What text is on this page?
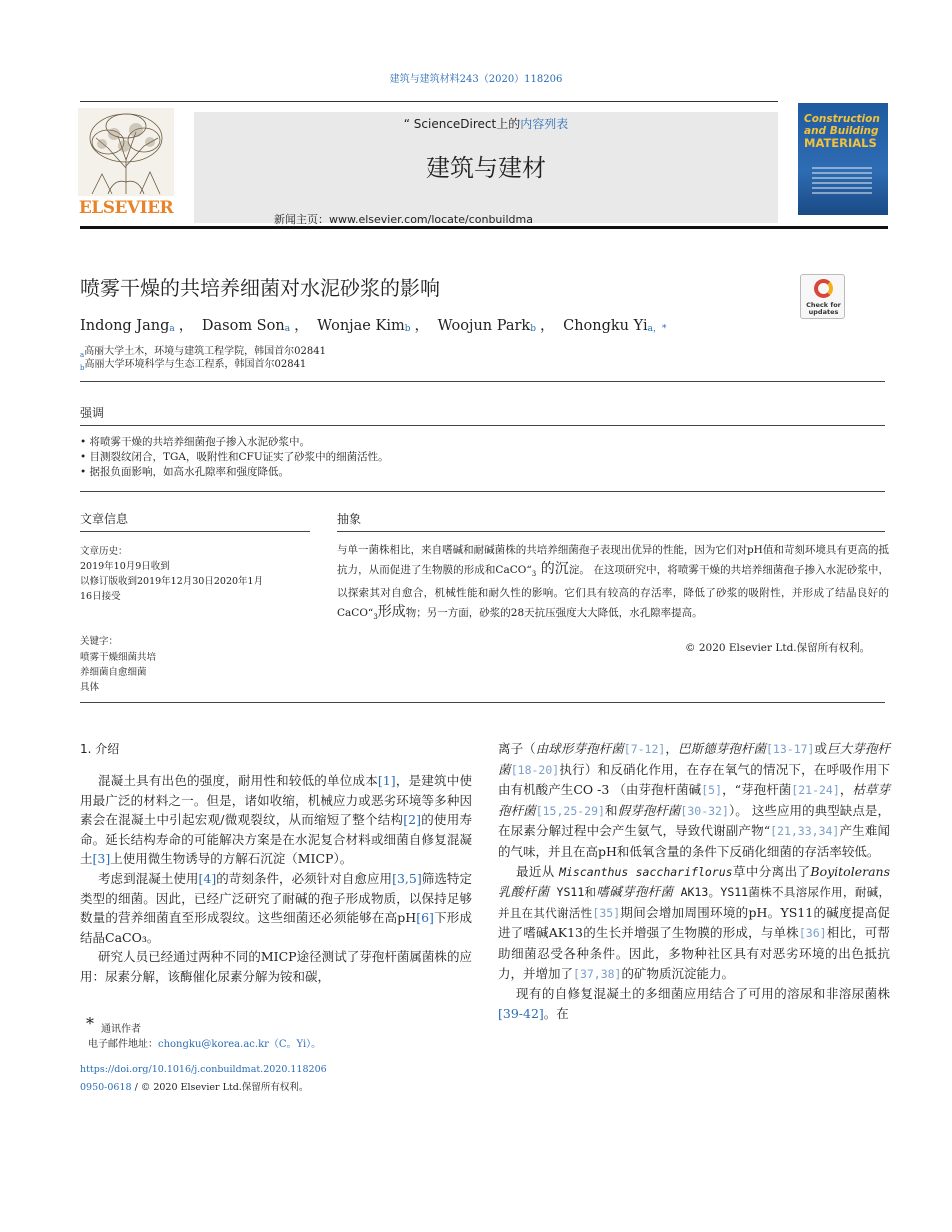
建筑与建筑材料243（2020）118206
ELSEVIER
“ ScienceDirect上的内容列表
建筑与建材
新闻主页：www.elsevier.com/locate/conbuildma
Construction
and Building
MATERIALS
喷雾干燥的共培养细菌对水泥砂浆的影响
Check for
updates
Indong Jang$_a$ ， Dasom Son$_a$ ， Wonjae Kim$_b$ ， Woojun Park$_b$ ， Chongku $Yi_{a,*}$
$_a$高丽大学土木，环境与建筑工程学院，韩国首尔02841
$_b$高丽大学环境科学与生态工程系，韩国首尔02841
强调
• 将喷雾干燥的共培养细菌孢子掺入水泥砂浆中。
• 目测裂纹闭合，TGA，吸附性和CFU证实了砂浆中的细菌活性。
• 据报负面影响，如高水孔隙率和强度降低。
文章信息	抽象
文章历史：
2019年10月9日收到
以修订版收到2019年12月30日2020年1月
16日接受
关键字：
喷雾干燥细菌共培
养细菌自愈细菌
具体
与单一菌株相比，来自嗜碱和耐碱菌株的共培养细菌孢子表现出优异的性能，因为它们对pH值和苛刻环境具有更高的抵抗力，从而促进了生物膜的形成和$CaCO“_3$ 的沉淀。 在这项研究中，将喷雾干燥的共培养细菌孢子掺入水泥砂浆中，以探索其对自愈合，机械性能和耐久性的影响。它们具有较高的存活率，降低了砂浆的吸附性，并形成了结晶良好的$CaCO“_3$形成物；另一方面，砂浆的28天抗压强度大大降低，水孔隙率提高。
© 2020 Elsevier Ltd.保留所有权利。
1. 介绍

混凝土具有出色的强度，耐用性和较低的单位成本[1]，是建筑中使用最广泛的材料之一。但是，诸如收缩，机械应力或恶劣环境等多种因素会在混凝土中引起宏观/微观裂纹，从而缩短了整个结构[2]的使用寿命。延长结构寿命的可能解决方案是在水泥复合材料或细菌自修复混凝土[3]上使用微生物诱导的方解石沉淀（MICP）。

考虑到混凝土使用[4]的苛刻条件，必须针对自愈应用[3,5]筛选特定类型的细菌。因此，已经广泛研究了耐碱的孢子形成物质，以保持足够数量的营养细菌直至形成裂纹。这些细菌还必须能够在高pH[6]下形成结晶CaCO₃。

研究人员已经通过两种不同的MICP途径测试了芽孢杆菌属菌株的应用：尿素分解，该酶催化尿素分解为铵和碳，

离子（由球形芽孢杆菌[7-12]，巴斯德芽孢杆菌[13-17]或巨大芽孢杆菌[18-20]执行）和反硝化作用，在存在氧气的情况下，在呼吸作用下由有机酸产生CO -3 （由芽孢杆菌碱[5]，“芽孢杆菌[21-24]，枯草芽孢杆菌[15,25-29]和假芽孢杆菌[30-32]）。 这些应用的典型缺点是，在尿素分解过程中会产生氨气，导致代谢副产物“[21,33,34]产生难闻的气味，并且在高pH和低氧含量的条件下反硝化细菌的存活率较低。

最近从 Miscanthus sacchariflorus草中分离出了Boyitolerans乳酸杆菌 YS11和嗜碱芽孢杆菌 AK13。YS11菌株不具溶尿作用，耐碱，并且在其代谢活性[35]期间会增加周围环境的pH。YS11的碱度提高促进了嗜碱AK13的生长并增强了生物膜的形成，与单株[36]相比，可帮助细菌忍受各种条件。因此，多物种社区具有对恶劣环境的出色抵抗力，并增加了[37,38]的矿物质沉淀能力。

现有的自修复混凝土的多细菌应用结合了可用的溶尿和非溶尿菌株[39-42]。在

* 通讯作者
电子邮件地址：chongku@korea.ac.kr（C。Yi）。
https://doi.org/10.1016/j.conbuildmat.2020.118206
0950-0618 / © 2020 Elsevier Ltd.保留所有权利。
